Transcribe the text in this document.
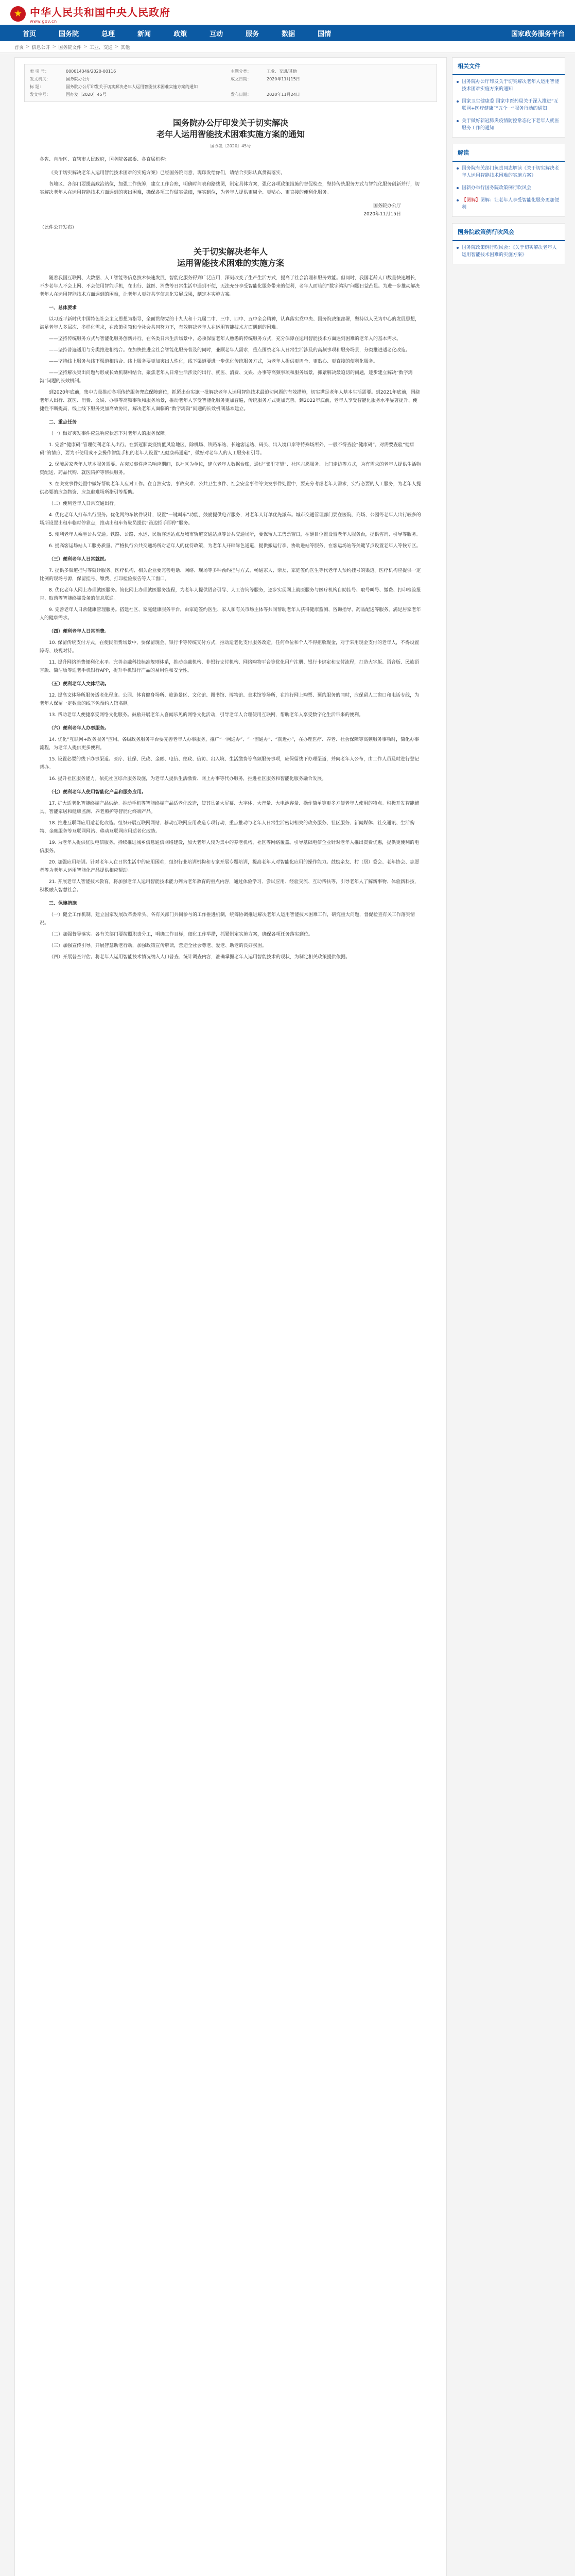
★ 中华人民共和国中央人民政府
www.gov.cn
首页	国务院	总理	新闻	政策	互动	服务	数据	国情	国家政务服务平台
首页 > 信息公开 > 国务院文件 > 工业、交通 > 其他
索 引 号：	000014349/2020-00116	主题分类：	工业、交通/其他
发文机关：	国务院办公厅	成文日期：	2020年11月15日
标 题：	国务院办公厅印发关于切实解决老年人运用智能技术困难实施方案的通知
发文字号：	国办发〔2020〕45号	发布日期：	2020年11月24日
国务院办公厅印发关于切实解决
老年人运用智能技术困难实施方案的通知
国办发〔2020〕45号

各省、自治区、直辖市人民政府，国务院各部委、各直属机构：

《关于切实解决老年人运用智能技术困难的实施方案》已经国务院同意，现印发给你们，请结合实际认真贯彻落实。

各地区、各部门要提高政治站位，加强工作统筹，建立工作台账，明确时间表和路线图，制定具体方案，强化各项政策措施的督促检查，坚持传统服务方式与智能化服务创新并行，切实解决老年人在运用智能技术方面遇到的突出困难，确保各项工作做实做细，落实到位，为老年人提供更周全、更贴心、更直接的便利化服务。

国务院办公厅
2020年11月15日

（此件公开发布）

关于切实解决老年人
运用智能技术困难的实施方案

随着我国互联网、大数据、人工智能等信息技术快速发展，智能化服务得到广泛应用，深刻改变了生产生活方式，提高了社会治理和服务效能。但同时，我国老龄人口数量快速增长，不少老年人不会上网、不会使用智能手机，在出行、就医、消费等日常生活中遇到不便，无法充分享受智能化服务带来的便利，老年人面临的“数字鸿沟”问题日益凸显。为进一步推动解决老年人在运用智能技术方面遇到的困难，让老年人更好共享信息化发展成果，制定本实施方案。

一、总体要求

以习近平新时代中国特色社会主义思想为指导，全面贯彻党的十九大和十九届二中、三中、四中、五中全会精神，认真落实党中央、国务院决策部署，坚持以人民为中心的发展思想，满足老年人多层次、多样化需求，在政策引领和全社会共同努力下，有效解决老年人在运用智能技术方面遇到的困难。

——坚持传统服务方式与智能化服务创新并行。在各类日常生活场景中，必须保留老年人熟悉的传统服务方式，充分保障在运用智能技术方面遇到困难的老年人的基本需求。

——坚持普遍适用与分类推进相结合。在加快推进全社会智能化服务普及的同时，兼顾老年人需求，重点围绕老年人日常生活涉及的高频事项和服务场景，分类推进适老化改造。

——坚持线上服务与线下渠道相结合。线上服务要更加突出人性化，线下渠道要进一步优化传统服务方式，为老年人提供更周全、更贴心、更直接的便利化服务。

——坚持解决突出问题与形成长效机制相结合。聚焦老年人日常生活涉及的出行、就医、消费、文娱、办事等高频事项和服务场景，抓紧解决最迫切的问题，逐步建立解决“数字鸿沟”问题的长效机制。

到2020年底前，集中力量推动各项传统服务兜底保障到位，抓紧出台实施一批解决老年人运用智能技术最迫切问题的有效措施，切实满足老年人基本生活需要。到2021年底前，围绕老年人出行、就医、消费、文娱、办事等高频事项和服务场景，推动老年人享受智能化服务更加普遍，传统服务方式更加完善。到2022年底前，老年人享受智能化服务水平显著提升、便捷性不断提高，线上线下服务更加高效协同，解决老年人面临的“数字鸿沟”问题的长效机制基本建立。

二、重点任务

（一）做好突发事件应急响应状态下对老年人的服务保障。

1. 完善“健康码”管理便利老年人出行。在新冠肺炎疫情低风险地区，除机场、铁路车站、长途客运站、码头、出入境口岸等特殊场所外，一般不得查验“健康码”。对需要查验“健康码”的情形，要为不使用或不会操作智能手机的老年人设置“无健康码通道”，做好对老年人的人工服务和引导。

2. 保障居家老年人基本服务需要。在突发事件应急响应期间，以社区为单位，建立老年人数据台账，通过“邻里守望”、社区志愿服务、上门走访等方式，为有需求的老年人提供生活物资配送、药品代购、就医陪护等帮扶服务。

3. 在突发事件处置中做好帮助老年人应对工作。在自然灾害、事故灾难、公共卫生事件、社会安全事件等突发事件处置中，要充分考虑老年人需求，实行必要的人工服务，为老年人提供必要的应急物资、应急避难场所指引等帮助。

（二）便利老年人日常交通出行。

4. 优化老年人打车出行服务。优化网约车软件设计，设置“一键叫车”功能，鼓励提供电召服务，对老年人订单优先派车。城市交通管理部门要在医院、商场、公园等老年人出行较多的场所设置出租车临时停靠点，推动出租车驾驶员提供“路边招手即停”服务。

5. 便利老年人乘坐公共交通。铁路、公路、水运、民航客运站点及城市轨道交通站点等公共交通场所，要保留人工售票窗口，在醒目位置设置老年人服务台，提供咨询、引导等服务。

6. 提高客运场站人工服务质量。严格执行公共交通场所对老年人的优待政策，为老年人开辟绿色通道，提供搬运行李、协助进站等服务，在客运场站等关键节点设置老年人等候专区。

（三）便利老年人日常就医。

7. 提供多渠道挂号等就诊服务。医疗机构、相关企业要完善电话、网络、现场等多种预约挂号方式，畅通家人、亲友、家庭签约医生等代老年人预约挂号的渠道。医疗机构应提供一定比例的现场号源，保留挂号、缴费、打印检验报告等人工窗口。

8. 优化老年人网上办理就医服务。简化网上办理就医服务流程，为老年人提供语音引导、人工咨询等服务，逐步实现网上就医服务与医疗机构自助挂号、取号叫号、缴费、打印检验报告、取药等智能终端设备的信息联通。

9. 完善老年人日常健康管理服务。搭建社区、家庭健康服务平台，由家庭签约医生、家人和有关市场主体等共同帮助老年人获得健康监测、咨询指导、药品配送等服务，满足居家老年人的健康需求。

（四）便利老年人日常消费。

10. 保留传统支付方式。在便民消费场景中，要保留现金、银行卡等传统支付方式，推动适老化支付服务改造。任何单位和个人不得拒收现金，对于采用现金支付的老年人，不得设置障碍、歧视对待。

11. 提升网络消费便利化水平。完善金融科技标准规则体系，推动金融机构、非银行支付机构、网络购物平台等优化用户注册、银行卡绑定和支付流程，打造大字版、语音版、民族语言版、简洁版等适老手机银行APP，提升手机银行产品的易用性和安全性。

（五）便利老年人文体活动。

12. 提高文体场所服务适老化程度。公园、体育健身场所、旅游景区、文化馆、图书馆、博物馆、美术馆等场所，在推行网上购票、预约服务的同时，应保留人工窗口和电话专线，为老年人保留一定数量的线下免预约入馆名额。

13. 帮助老年人便捷享受网络文化服务。鼓励开展老年人喜闻乐见的网络文化活动，引导老年人合理使用互联网，帮助老年人享受数字化生活带来的便利。

（六）便利老年人办事服务。

14. 优化“互联网+政务服务”应用。各级政务服务平台要完善老年人办事服务，推广“一网通办”、“一窗通办”、“就近办”，在办理医疗、养老、社会保障等高频服务事项时，简化办事流程，为老年人提供更多便利。

15. 设置必要的线下办事渠道。医疗、社保、民政、金融、电信、邮政、信访、出入境、生活缴费等高频服务事项，应保留线下办理渠道，并向老年人公布，由工作人员及时进行登记帮办。

16. 提升社区服务能力。依托社区综合服务设施，为老年人提供生活缴费、网上办事等代办服务，推进社区服务和智能化服务融合发展。

（七）便利老年人使用智能化产品和服务应用。

17. 扩大适老化智能终端产品供给。推动手机等智能终端产品适老化改造，使其具备大屏幕、大字体、大音量、大电池容量、操作简单等更多方便老年人使用的特点。积极开发智能辅具、智能家居和健康监测、养老照护等智能化终端产品。

18. 推进互联网应用适老化改造。组织开展互联网网站、移动互联网应用改造专项行动，重点推动与老年人日常生活密切相关的政务服务、社区服务、新闻媒体、社交通讯、生活购物、金融服务等互联网网站、移动互联网应用适老化改造。

19. 为老年人提供优质电信服务。持续推进城乡信息通信网络建设，加大老年人较为集中的养老机构、社区等网络覆盖。引导基础电信企业针对老年人推出资费优惠，提供更便利的电信服务。

20. 加强应用培训。针对老年人在日常生活中的应用困难，组织行业培训机构和专家开展专题培训，提高老年人对智能化应用的操作能力。鼓励亲友、村（居）委会、老年协会、志愿者等为老年人运用智能化产品提供相应帮助。

21. 开展老年人智能技术教育。将加强老年人运用智能技术能力列为老年教育的重点内容，通过体验学习、尝试应用、经验交流、互助帮扶等，引导老年人了解新事物、体验新科技，积极融入智慧社会。

三、保障措施

（一）健全工作机制。建立国家发展改革委牵头、各有关部门共同参与的工作推进机制，统筹协调推进解决老年人运用智能技术困难工作，研究重大问题，督促检查有关工作落实情况。

（二）加强督导落实。各有关部门要按照职责分工，明确工作目标，细化工作举措，抓紧制定实施方案，确保各项任务落实到位。

（三）加强宣传引导。开展智慧助老行动，加强政策宣传解读，营造全社会尊老、爱老、助老的良好氛围。

（四）开展普查评估。将老年人运用智能技术情况纳入人口普查、统计调查内容，准确掌握老年人运用智能技术的现状，为制定相关政策提供依据。

相关文件
国务院办公厅印发关于切实解决老年人运用智能技术困难实施方案的通知
国家卫生健康委 国家中医药局关于深入推进“互联网+医疗健康”“五个一”服务行动的通知
关于做好新冠肺炎疫情防控常态化下老年人就医服务工作的通知
解读
国务院有关部门负责同志解读《关于切实解决老年人运用智能技术困难的实施方案》
国新办举行国务院政策例行吹风会
【图解】图解：让老年人享受智能化服务更加便利
国务院政策例行吹风会
国务院政策例行吹风会：《关于切实解决老年人运用智能技术困难的实施方案》
